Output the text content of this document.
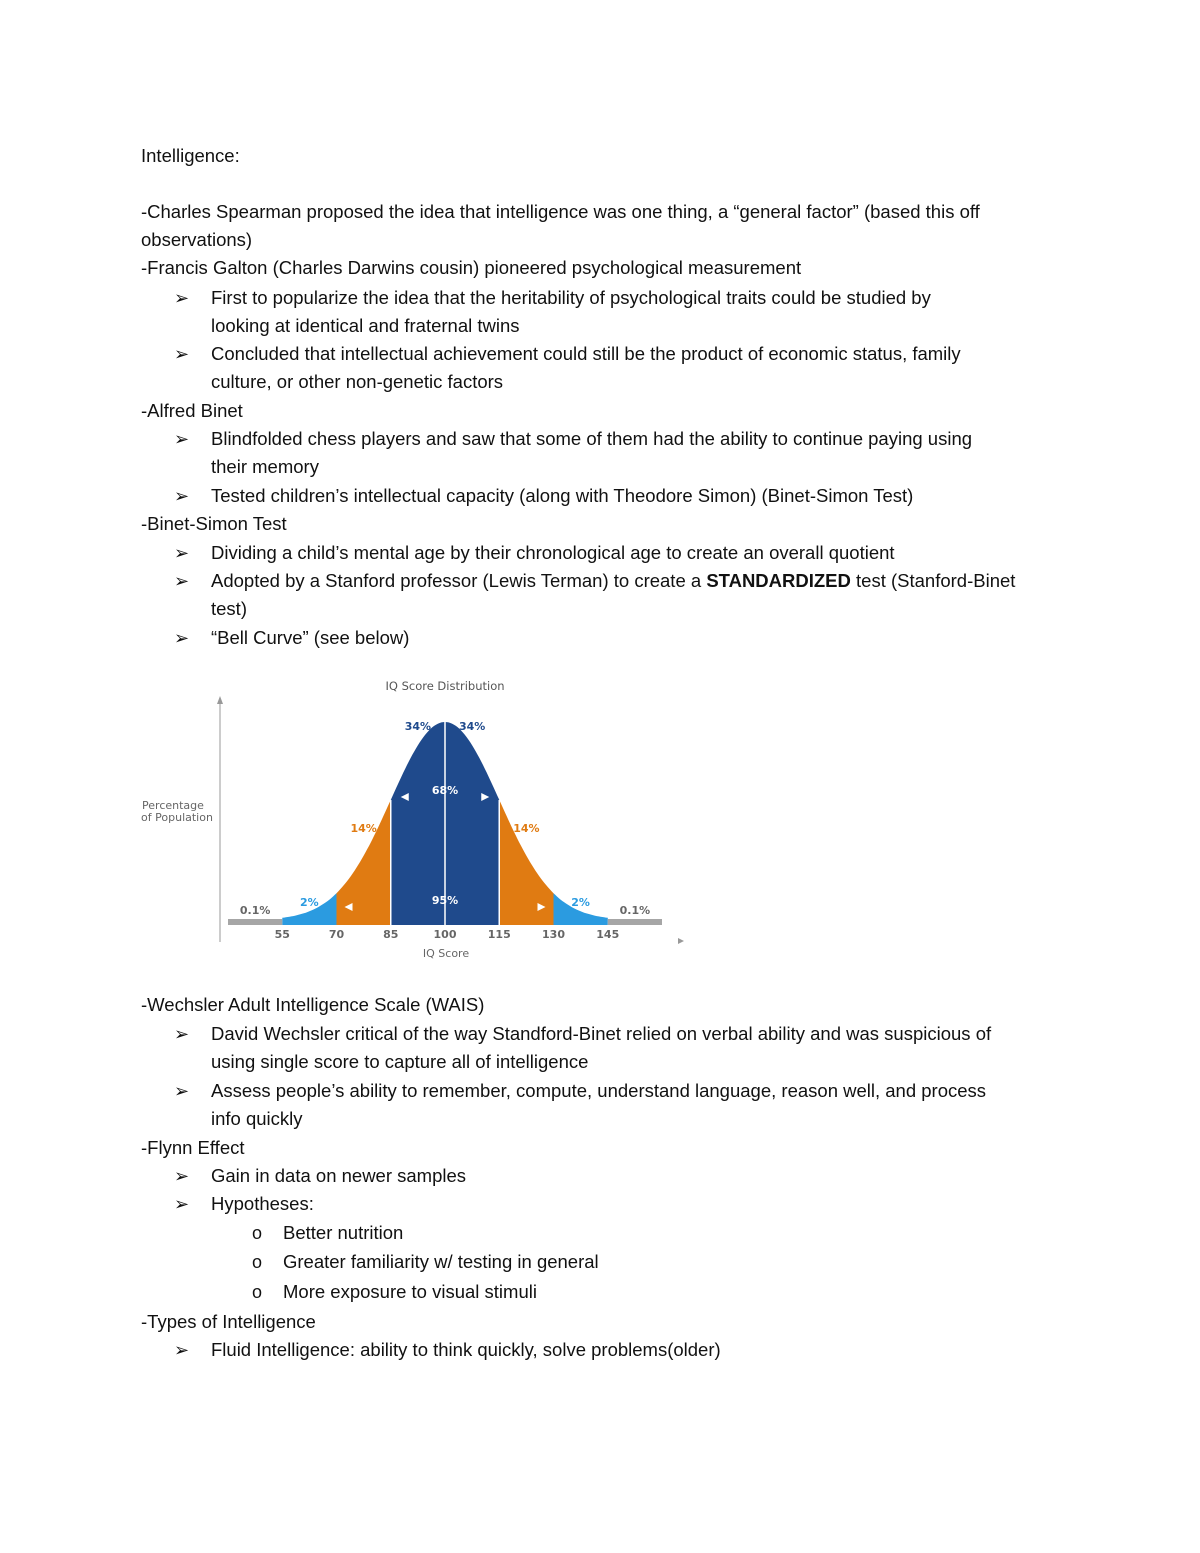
Intelligence:
-Charles Spearman proposed the idea that intelligence was one thing, a “general factor” (based this off
observations)
-Francis Galton (Charles Darwins cousin) pioneered psychological measurement
➢ First to popularize the idea that the heritability of psychological traits could be studied by
looking at identical and fraternal twins
➢ Concluded that intellectual achievement could still be the product of economic status, family
culture, or other non-genetic factors
-Alfred Binet
➢ Blindfolded chess players and saw that some of them had the ability to continue paying using
their memory
➢ Tested children’s intellectual capacity (along with Theodore Simon) (Binet-Simon Test)
-Binet-Simon Test
➢ Dividing a child’s mental age by their chronological age to create an overall quotient
➢ Adopted by a Stanford professor (Lewis Terman) to create a STANDARDIZED test (Stanford-Binet
test)
➢ “Bell Curve” (see below)
IQ Score Distribution
Percentage
of Population
IQ Score
0.1%
2%
14%
34%	34%
14%
2%
0.1%
68%
95%
55	70	85	100	115	130	145
-Wechsler Adult Intelligence Scale (WAIS)
➢ David Wechsler critical of the way Standford-Binet relied on verbal ability and was suspicious of
using single score to capture all of intelligence
➢ Assess people’s ability to remember, compute, understand language, reason well, and process
info quickly
-Flynn Effect
➢ Gain in data on newer samples
➢ Hypotheses:
o Better nutrition
o Greater familiarity w/ testing in general
o More exposure to visual stimuli
-Types of Intelligence
➢ Fluid Intelligence: ability to think quickly, solve problems(older)
